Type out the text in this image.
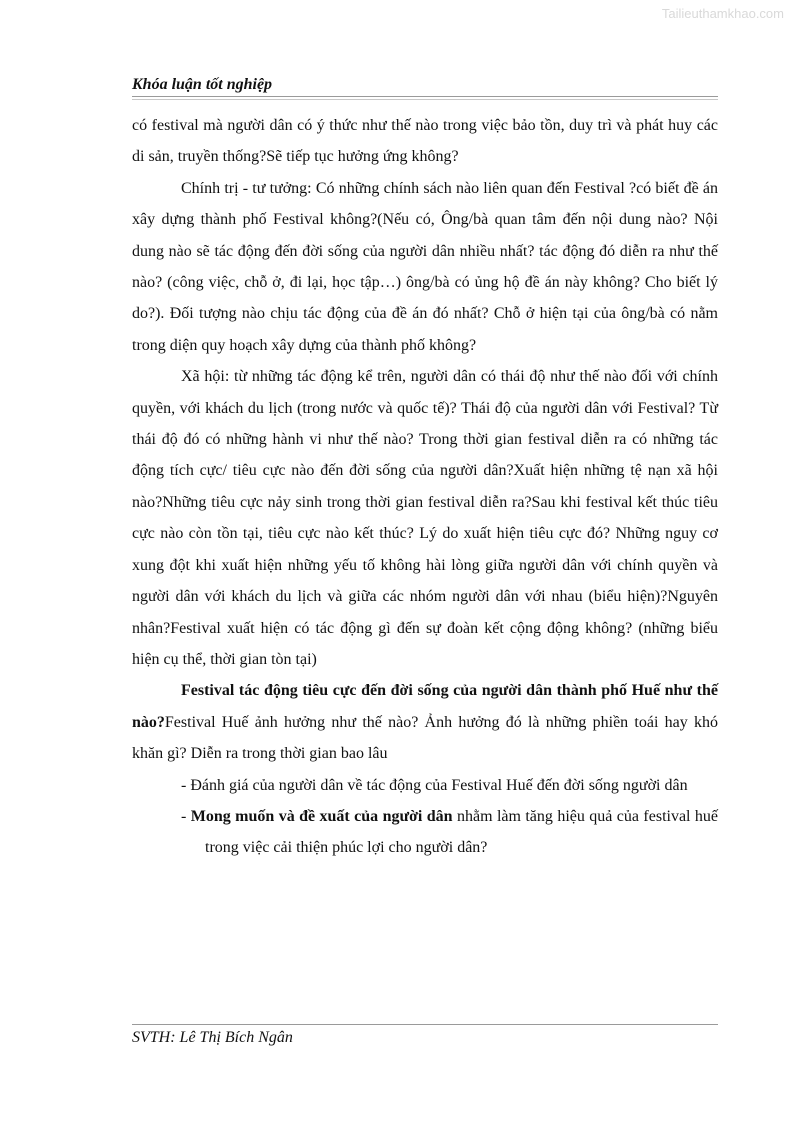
Tailieuthamkhao.com
Khóa luận tốt nghiệp

có festival mà người dân có ý thức như thế nào trong việc bảo tồn, duy trì và phát huy các di sản, truyền thống?Sẽ tiếp tục hưởng ứng không?

Chính trị - tư tưởng: Có những chính sách nào liên quan đến Festival ?có biết đề án xây dựng thành phố Festival không?(Nếu có, Ông/bà quan tâm đến nội dung nào? Nội dung nào sẽ tác động đến đời sống của người dân nhiều nhất? tác động đó diễn ra như thế nào? (công việc, chỗ ở, đi lại, học tập…) ông/bà có ủng hộ đề án này không? Cho biết lý do?). Đối tượng nào chịu tác động của đề án đó nhất? Chỗ ở hiện tại của ông/bà có nằm trong diện quy hoạch xây dựng của thành phố không?

Xã hội: từ những tác động kể trên, người dân có thái độ như thế nào đối với chính quyền, với khách du lịch (trong nước và quốc tế)? Thái độ của người dân với Festival? Từ thái độ đó có những hành vi như thế nào? Trong thời gian festival diễn ra có những tác động tích cực/ tiêu cực nào đến đời sống của người dân?Xuất hiện những tệ nạn xã hội nào?Những tiêu cực nảy sinh trong thời gian festival diễn ra?Sau khi festival kết thúc tiêu cực nào còn tồn tại, tiêu cực nào kết thúc? Lý do xuất hiện tiêu cực đó? Những nguy cơ xung đột khi xuất hiện những yếu tố không hài lòng giữa người dân với chính quyền và người dân với khách du lịch và giữa các nhóm người dân với nhau (biểu hiện)?Nguyên nhân?Festival xuất hiện có tác động gì đến sự đoàn kết cộng động không? (những biểu hiện cụ thể, thời gian tòn tại)

Festival tác động tiêu cực đến đời sống của người dân thành phố Huế như thế nào?Festival Huế ảnh hưởng như thế nào? Ảnh hưởng đó là những phiền toái hay khó khăn gì? Diễn ra trong thời gian bao lâu

- Đánh giá của người dân về tác động của Festival Huế đến đời sống người dân

- Mong muốn và đề xuất của người dân nhằm làm tăng hiệu quả của festival huế trong việc cải thiện phúc lợi cho người dân?

SVTH: Lê Thị Bích Ngân
